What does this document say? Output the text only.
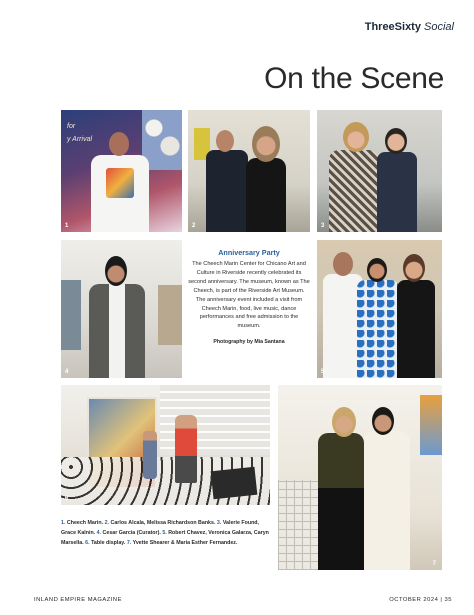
ThreeSixty Social
On the Scene
for
y Arrival
1	2	3
4
Anniversary Party
The Cheech Marin Center for Chicano Art and Culture in Riverside recently celebrated its second anniversary. The museum, known as The Cheech, is part of the Riverside Art Museum. The anniversary event included a visit from Cheech Marin, food, live music, dance performances and free admission to the museum.
Photography by Mia Santana
5
6
7
1. Cheech Marin. 2. Carlos Alcala, Melissa Richardson Banks. 3. Valerie Found, Grace Kalnin. 4. Cesar Garcia (Curator). 5. Robert Chavez, Veronica Galarza, Caryn Marsella. 6. Table display. 7. Yvette Shearer & Maria Esther Fernandez.
INLAND EMPIRE MAGAZINE	OCTOBER 2024 | 35
